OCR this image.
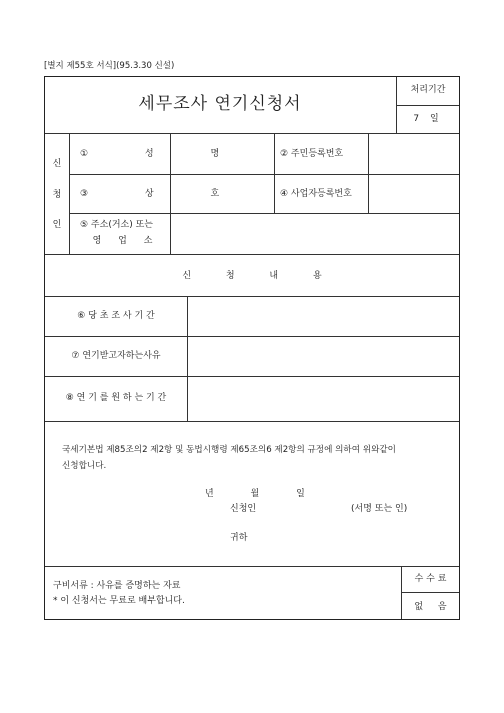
[별지 제55호 서식](95.3.30 신설)
세무조사 연기신청서
처리기간
7 일
신
청
인
① 성 명	② 주민등록번호
③ 상 호	④ 사업자등록번호
⑤ 주소(거소) 또는
영 업 소
신 청 내 용
⑥ 당 초 조 사 기 간
⑦ 연기받고자하는사유
⑧ 연 기 를 원 하 는 기 간
국세기본법 제85조의2 제2항 및 동법시행령 제65조의6 제2항의 규정에 의하여 위와같이
신청합니다.
년 월 일
신청인	(서명 또는 인)
귀하
구비서류 : 사유를 증명하는 자료
* 이 신청서는 무료로 배부합니다.
수 수 료
없 음
